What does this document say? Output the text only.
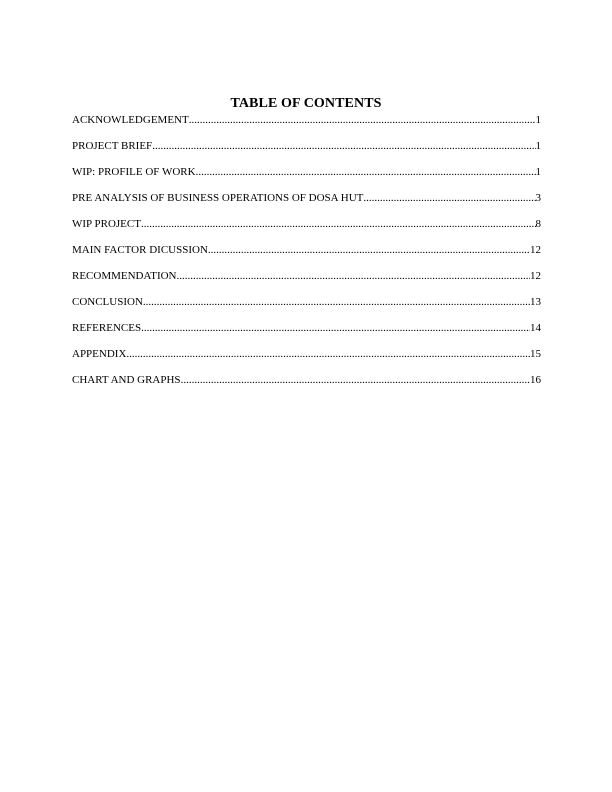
TABLE OF CONTENTS
ACKNOWLEDGEMENT .....	1
PROJECT BRIEF .....	1
WIP: PROFILE OF WORK .....	1
PRE ANALYSIS OF BUSINESS OPERATIONS OF DOSA HUT .....	3
WIP PROJECT .....	8
MAIN FACTOR DICUSSION .....	12
RECOMMENDATION .....	12
CONCLUSION .....	13
REFERENCES .....	14
APPENDIX .....	15
CHART AND GRAPHS .....	16
